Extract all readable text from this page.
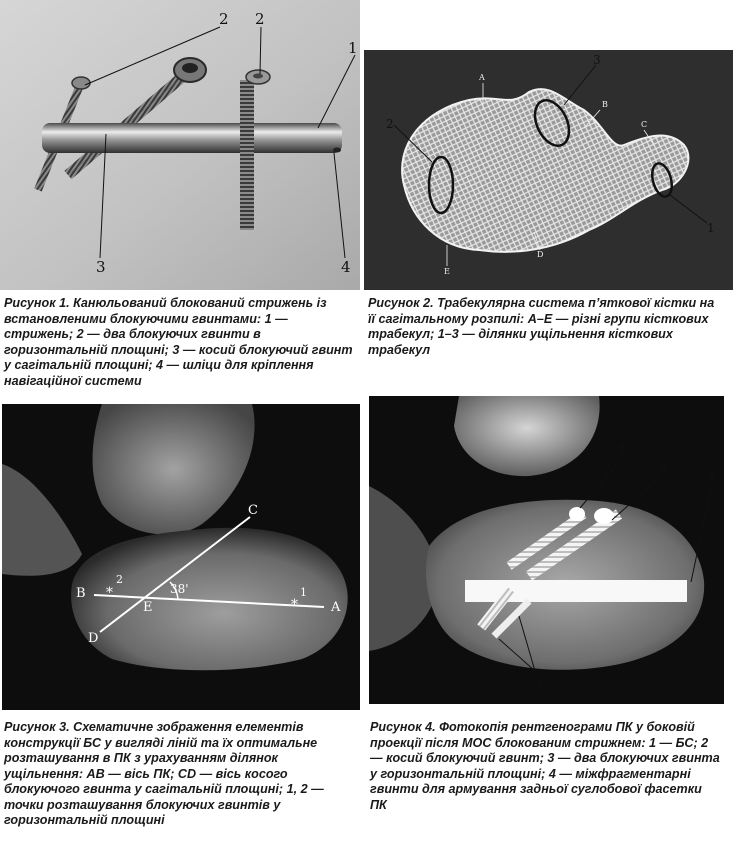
2 2
1
3	4
2
3
1
A
B
C
D
E

Рисунок 1. Канюльований блокований стрижень із встановленими блокуючими гвинтами: 1 — стрижень; 2 — два блокуючих гвинти в горизонтальній площині; 3 — косий блокуючий гвинт у сагітальній площині; 4 — шліци для кріплення навігаційної системи

Рисунок 2. Трабекулярна система п’яткової кістки на її сагітальному розпилі: А–Е — різні групи кісткових трабекул; 1–3 — ділянки ущільнення кісткових трабекул

B
A
C
D
E
38'	1
2
*
*
4
2
1
3

Рисунок 3. Схематичне зображення елементів конструкції БС у вигляді ліній та їх оптимальне розташування в ПК з урахуванням ділянок ущільнення: АВ — вісь ПК; CD — вісь косого блокуючого гвинта у сагітальній площині; 1, 2 — точки розташування блокуючих гвинтів у горизонтальній площині

Рисунок 4. Фотокопія рентгенограми ПК у боковій проекції після МОС блокованим стрижнем: 1 — БС; 2 — косий блокуючий гвинт; 3 — два блокуючих гвинта у горизонтальній площині; 4 — міжфрагментарні гвинти для армування задньої суглобової фасетки ПК
